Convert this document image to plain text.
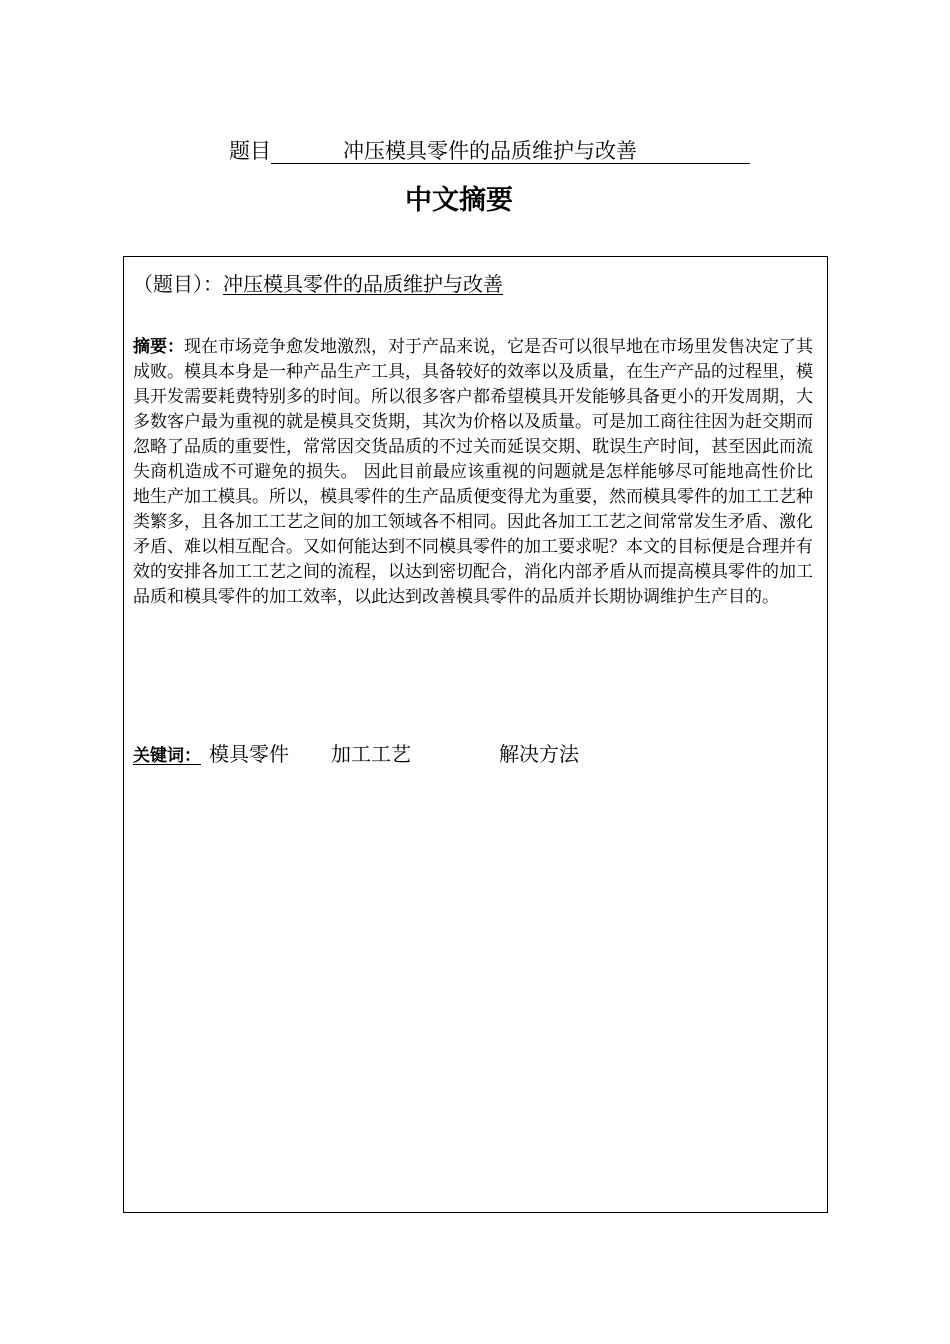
题目	冲压模具零件的品质维护与改善
中文摘要
（题目）：冲压模具零件的品质维护与改善
摘要：现在市场竞争愈发地激烈，对于产品来说，它是否可以很早地在市场里发售决定了其成败。模具本身是一种产品生产工具，具备较好的效率以及质量，在生产产品的过程里，模具开发需要耗费特别多的时间。所以很多客户都希望模具开发能够具备更小的开发周期，大多数客户最为重视的就是模具交货期，其次为价格以及质量。可是加工商往往因为赶交期而忽略了品质的重要性，常常因交货品质的不过关而延误交期、耽误生产时间，甚至因此而流失商机造成不可避免的损失。 因此目前最应该重视的问题就是怎样能够尽可能地高性价比地生产加工模具。所以，模具零件的生产品质便变得尤为重要，然而模具零件的加工工艺种类繁多，且各加工工艺之间的加工领域各不相同。因此各加工工艺之间常常发生矛盾、激化矛盾、难以相互配合。又如何能达到不同模具零件的加工要求呢？本文的目标便是合理并有效的安排各加工工艺之间的流程，以达到密切配合，消化内部矛盾从而提高模具零件的加工品质和模具零件的加工效率，以此达到改善模具零件的品质并长期协调维护生产目的。
关键词： 模具零件 加工工艺	解决方法
